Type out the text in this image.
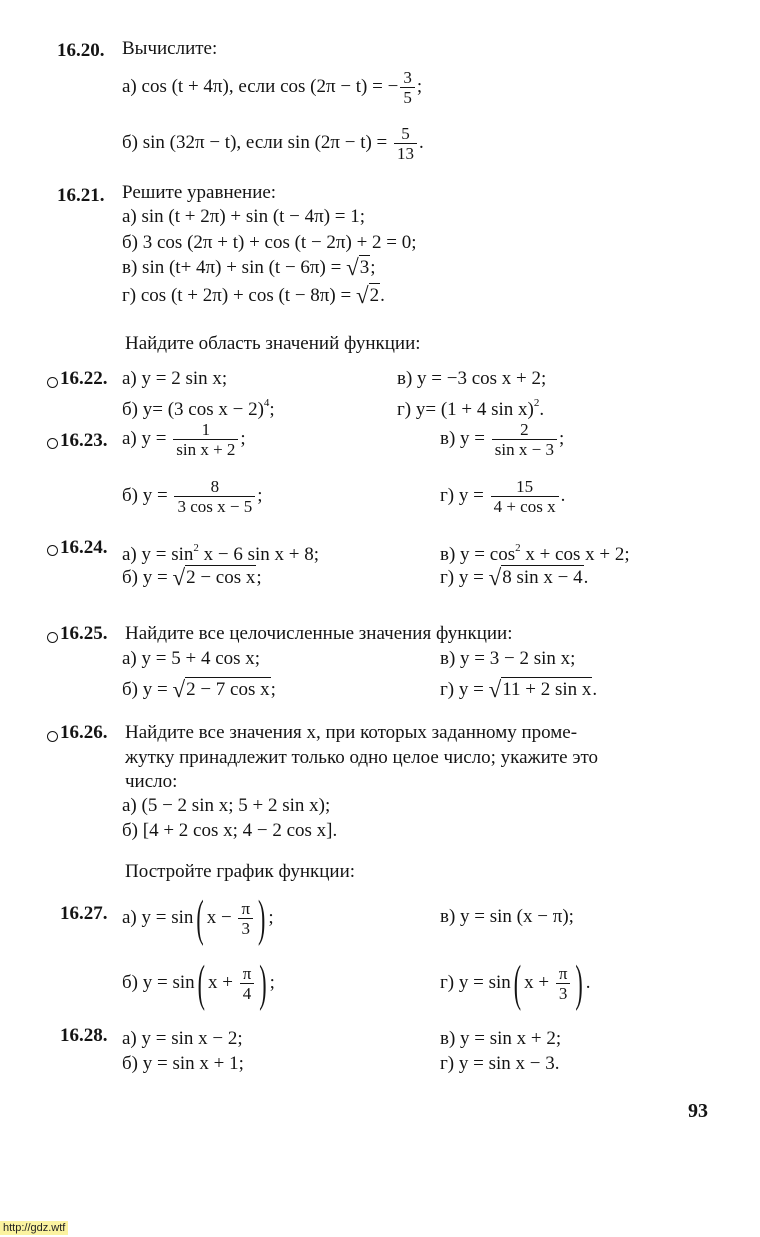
16.20. Вычислите:
а) cos (t + 4π), если cos (2π − t) = − $\frac{3}{5}$ ;
б) sin (32π − t), если $\sin (2\pi - t) = \frac{5}{13}$ .
16.21. Решите уравнение:
а) sin (t + 2π) + sin (t − 4π) = 1;
б) 3 cos (2π + t) + cos (t − 2π) + 2 = 0;
в) sin (t+ 4π) + sin (t − 6π) = √3;
г) cos (t + 2π) + cos (t − 8π) = √2.
Найдите область значений функции:
16.22. а) y = 2 sin x;	в) y = −3 cos x + 2;
б) y= (3 cos x − 2)$^4$;	г) y= (1 + 4 sin x)$^2$.
16.23. а) $y = \frac{1}{\text{sin x + 2}}$ ;	в) $y = \frac{2}{\text{sin x − 3}}$ ;
б) $y = \frac{8}{\text{3 cos x − 5}}$ ;	г) $y = \frac{15}{\text{4 + cos x}}$ .
16.24. а) $y = \sin^2 x - 6$ sin x + 8;	в) $y = \cos^2 x + \cos x + 2$;
б) y = √2 − cos x;	г) y = √8 sin x − 4.
16.25. Найдите все целочисленные значения функции:
а) y = 5 + 4 cos x;	в) y = 3 − 2 sin x;
б) y = √2 − 7 cos x;	г) y = √11 + 2 sin x.
16.26. Найдите все значения x, при которых заданному проме-
жутку принадлежит только одно целое число; укажите это
число:
а) (5 − 2 sin x; 5 + 2 sin x);
б) [4 + 2 cos x; 4 − 2 cos x].
Постройте график функции:
16.27. а) y = sin ( $x - \frac{\pi}{3}$ ) ;	в) y = sin (x − π);
б) y = sin ( $x + \frac{\pi}{4}$ ) ;	г) y = sin ( $x + \frac{\pi}{3}$ ) .
16.28. а) y = sin x − 2;	в) y = sin x + 2;
б) y = sin x + 1;	г) y = sin x − 3.
93
http://gdz.wtf
